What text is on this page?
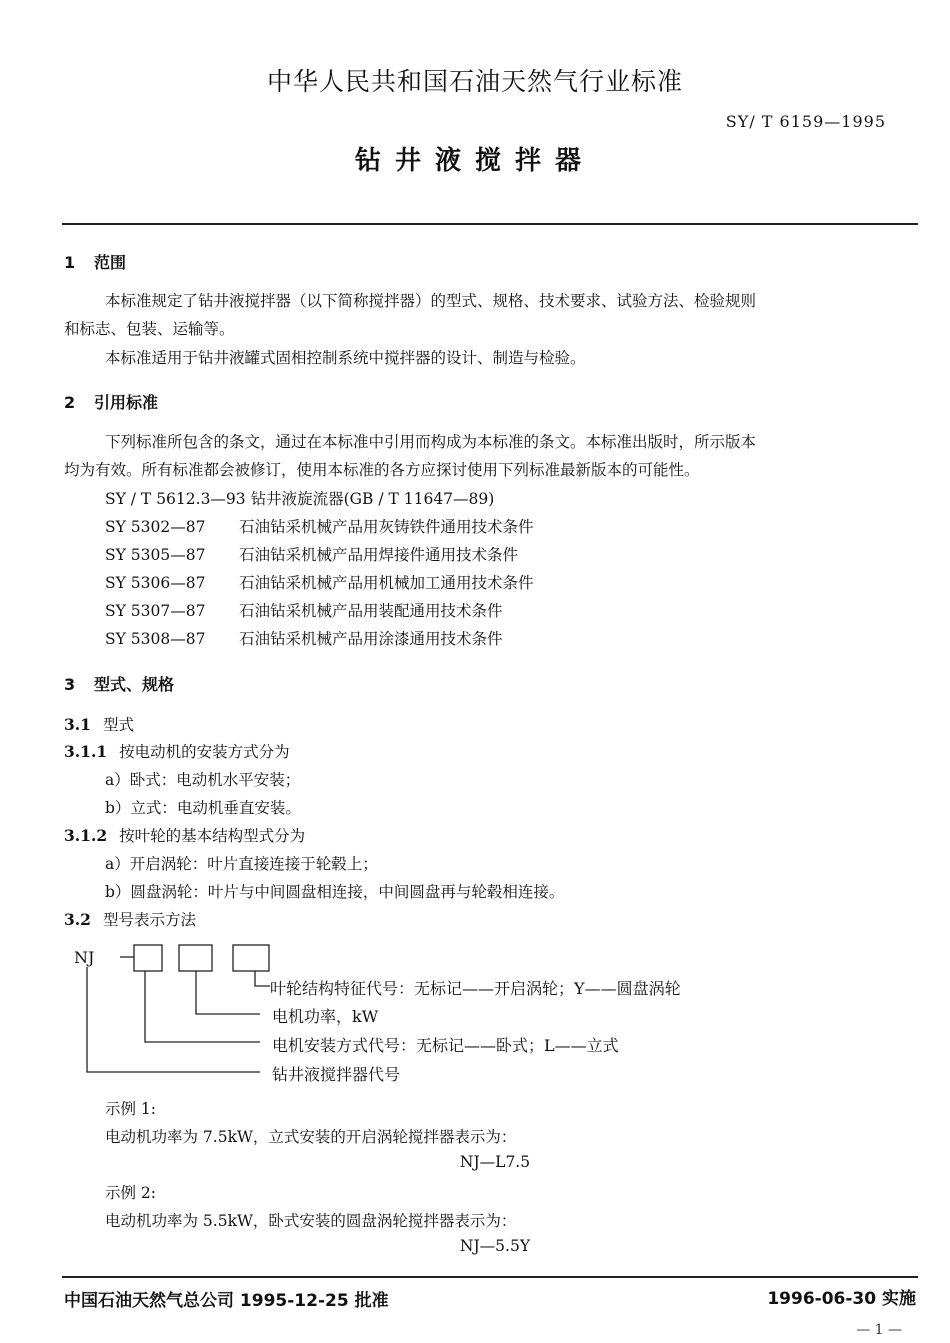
中华人民共和国石油天然气行业标准
SY/ T 6159—1995
钻井液搅拌器
1 范围
本标准规定了钻井液搅拌器（以下简称搅拌器）的型式、规格、技术要求、试验方法、检验规则
和标志、包装、运输等。
本标准适用于钻井液罐式固相控制系统中搅拌器的设计、制造与检验。
2 引用标准
下列标准所包含的条文，通过在本标准中引用而构成为本标准的条文。本标准出版时，所示版本
均为有效。所有标准都会被修订，使用本标准的各方应探讨使用下列标准最新版本的可能性。
SY / T 5612.3—93 钻井液旋流器(GB / T 11647—89)
SY 5302—87 石油钻采机械产品用灰铸铁件通用技术条件
SY 5305—87 石油钻采机械产品用焊接件通用技术条件
SY 5306—87 石油钻采机械产品用机械加工通用技术条件
SY 5307—87 石油钻采机械产品用装配通用技术条件
SY 5308—87 石油钻采机械产品用涂漆通用技术条件
3 型式、规格
3.1 型式
3.1.1 按电动机的安装方式分为
a）卧式：电动机水平安装；
b）立式：电动机垂直安装。
3.1.2 按叶轮的基本结构型式分为
a）开启涡轮：叶片直接连接于轮毂上；
b）圆盘涡轮：叶片与中间圆盘相连接，中间圆盘再与轮毂相连接。
3.2 型号表示方法
NJ
叶轮结构特征代号：无标记——开启涡轮；Y——圆盘涡轮
电机功率，kW
电机安装方式代号：无标记——卧式；L——立式
钻井液搅拌器代号
示例 1:
电动机功率为 7.5kW，立式安装的开启涡轮搅拌器表示为：
NJ—L7.5
示例 2:
电动机功率为 5.5kW，卧式安装的圆盘涡轮搅拌器表示为：
NJ—5.5Y
中国石油天然气总公司 1995-12-25 批准	1996-06-30 实施
— 1 —
